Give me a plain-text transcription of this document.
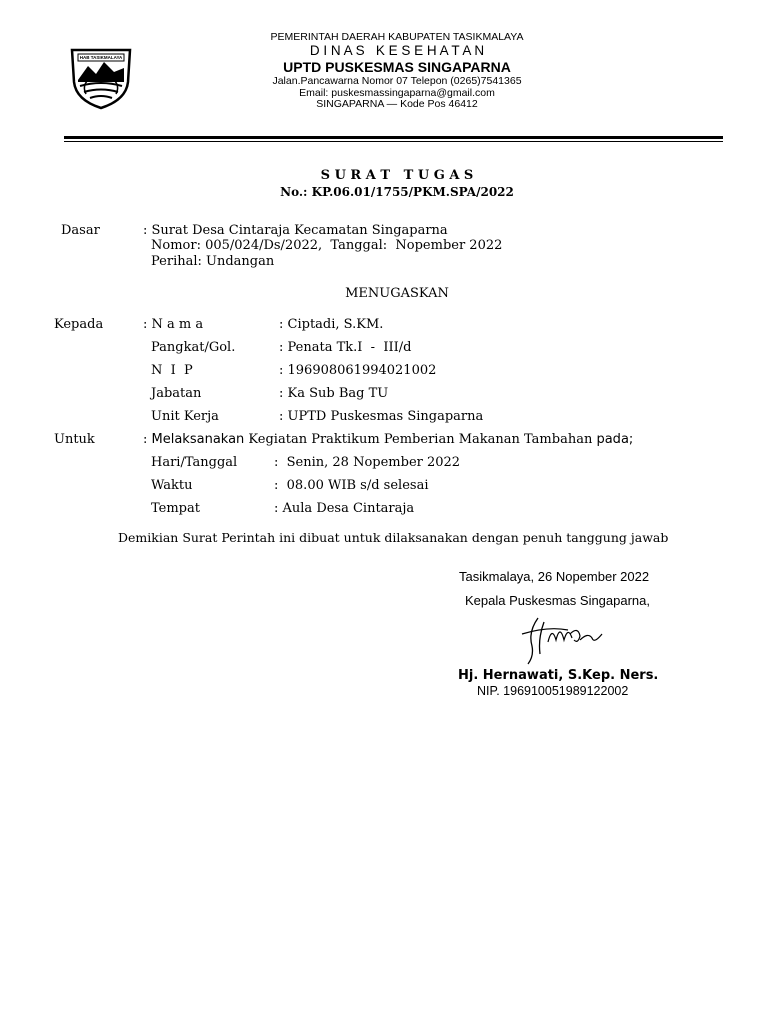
HAB TASIKMALAYA
PEMERINTAH DAERAH KABUPATEN TASIKMALAYA
D I N A S   K E S E H A T A N
UPTD PUSKESMAS SINGAPARNA
Jalan.Pancawarna Nomor 07 Telepon (0265)7541365
Email: puskesmassingaparna@gmail.com
SINGAPARNA — Kode Pos 46412
S U R A T   T U G A S
No.: KP.06.01/1755/PKM.SPA/2022
Dasar	: Surat Desa Cintaraja Kecamatan Singaparna
Nomor: 005/024/Ds/2022,  Tanggal:  Nopember 2022
Perihal: Undangan
MENUGASKAN
Kepada	: N a m a	: Ciptadi, S.KM.
Pangkat/Gol.	: Penata Tk.I  -  III/d
N  I  P	: 196908061994021002
Jabatan	: Ka Sub Bag TU
Unit Kerja	: UPTD Puskesmas Singaparna
Untuk	: Melaksanakan Kegiatan Praktikum Pemberian Makanan Tambahan pada;
Hari/Tanggal	:  Senin, 28 Nopember 2022
Waktu	:  08.00 WIB s/d selesai
Tempat	: Aula Desa Cintaraja
Demikian Surat Perintah ini dibuat untuk dilaksanakan dengan penuh tanggung jawab
Tasikmalaya, 26 Nopember 2022
Kepala Puskesmas Singaparna,
Hj. Hernawati, S.Kep. Ners.
NIP. 196910051989122002
